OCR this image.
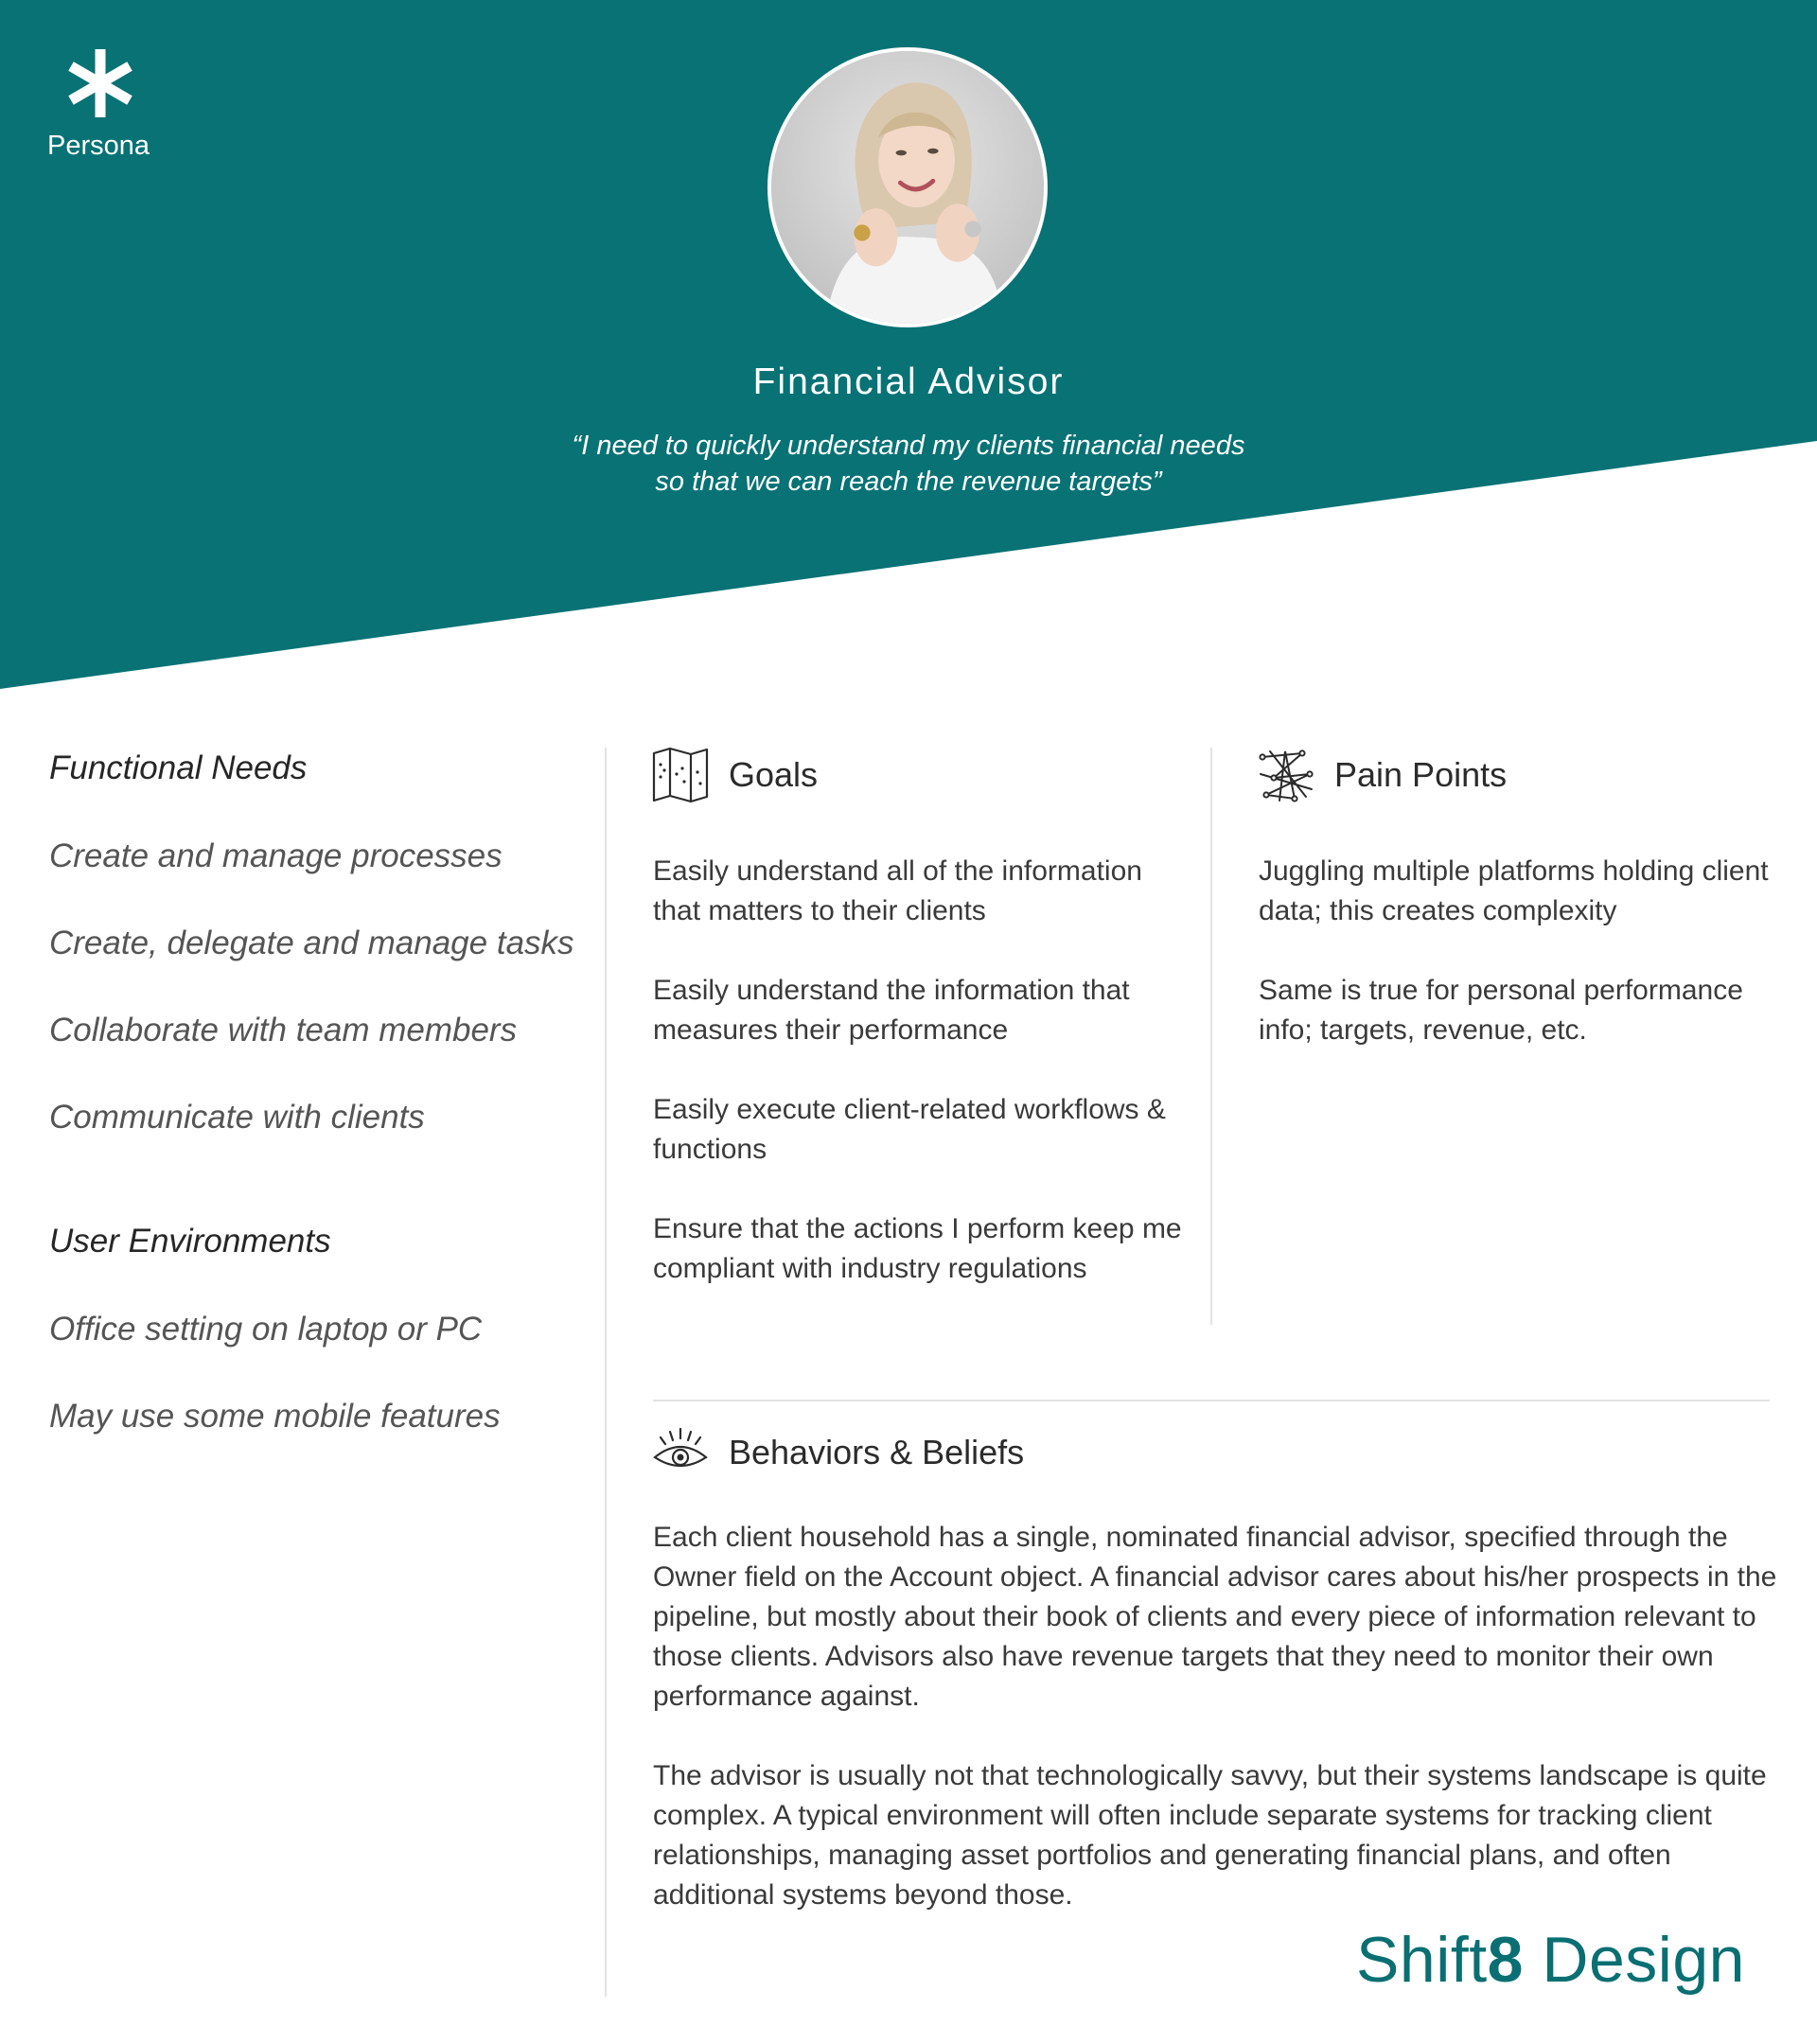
Persona
Financial Advisor
“I need to quickly understand my clients financial needs
so that we can reach the revenue targets”
Functional Needs
Create and manage processes
Create, delegate and manage tasks
Collaborate with team members
Communicate with clients
User Environments
Office setting on laptop or PC
May use some mobile features
Goals

Easily understand all of the information that matters to their clients

Easily understand the information that measures their performance

Easily execute client-related workflows & functions

Ensure that the actions I perform keep me compliant with industry regulations

Pain Points

Juggling multiple platforms holding client data; this creates complexity

Same is true for personal performance info; targets, revenue, etc.

Behaviors & Beliefs

Each client household has a single, nominated financial advisor, specified through the Owner field on the Account object. A financial advisor cares about his/her prospects in the pipeline, but mostly about their book of clients and every piece of information relevant to those clients. Advisors also have revenue targets that they need to monitor their own performance against.

The advisor is usually not that technologically savvy, but their systems landscape is quite complex. A typical environment will often include separate systems for tracking client relationships, managing asset portfolios and generating financial plans, and often additional systems beyond those.

Shift8 Design
